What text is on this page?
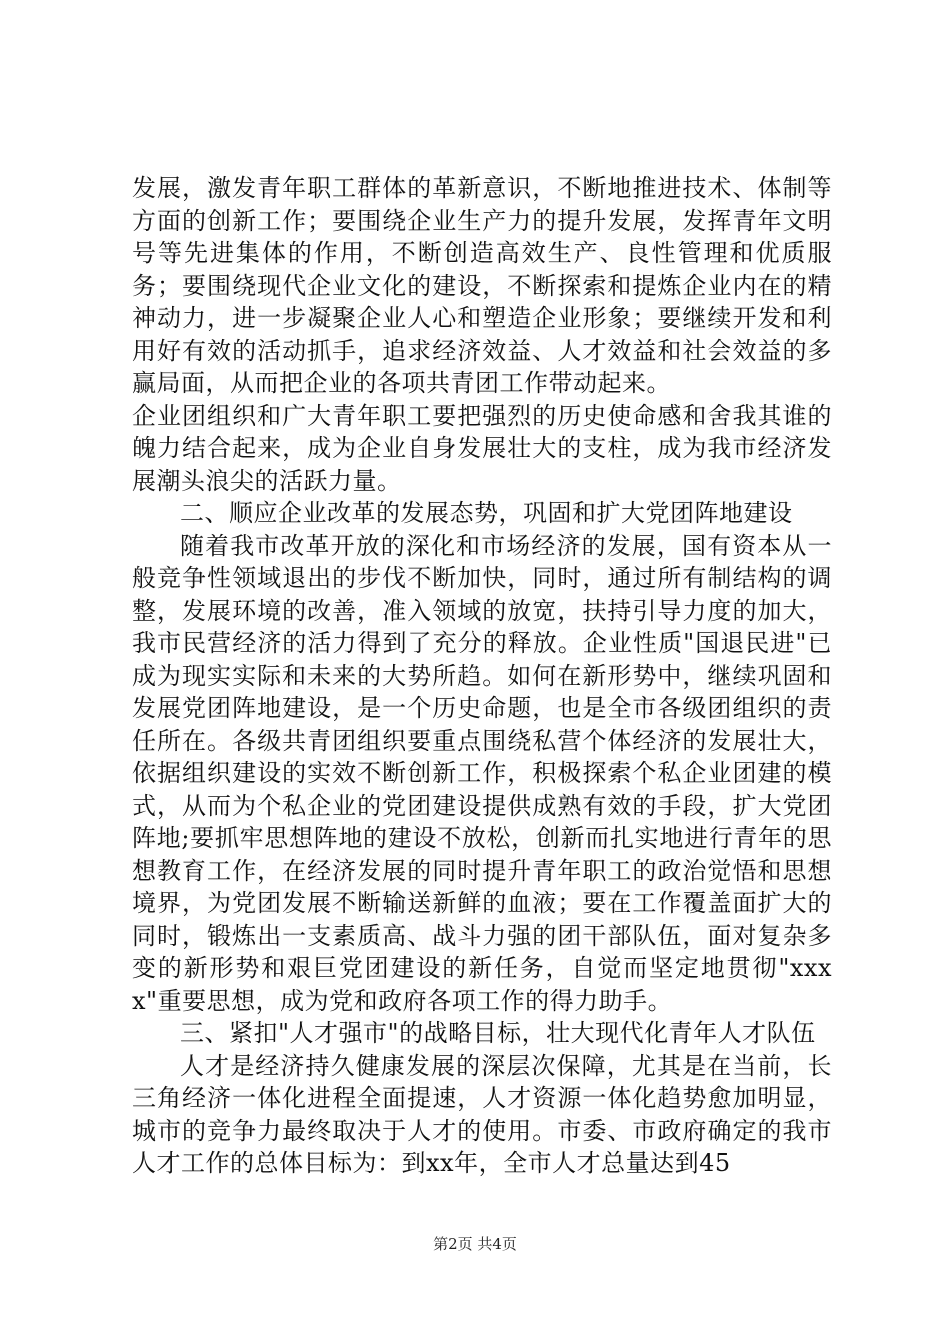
发展，激发青年职工群体的革新意识，不断地推进技术、体制等方面的创新工作；要围绕企业生产力的提升发展，发挥青年文明号等先进集体的作用，不断创造高效生产、良性管理和优质服务；要围绕现代企业文化的建设，不断探索和提炼企业内在的精神动力，进一步凝聚企业人心和塑造企业形象；要继续开发和利用好有效的活动抓手，追求经济效益、人才效益和社会效益的多赢局面，从而把企业的各项共青团工作带动起来。

企业团组织和广大青年职工要把强烈的历史使命感和舍我其谁的魄力结合起来，成为企业自身发展壮大的支柱，成为我市经济发展潮头浪尖的活跃力量。

二、顺应企业改革的发展态势，巩固和扩大党团阵地建设

随着我市改革开放的深化和市场经济的发展，国有资本从一般竞争性领域退出的步伐不断加快，同时，通过所有制结构的调整，发展环境的改善，准入领域的放宽，扶持引导力度的加大，我市民营经济的活力得到了充分的释放。企业性质"国退民进"已成为现实实际和未来的大势所趋。如何在新形势中，继续巩固和发展党团阵地建设，是一个历史命题，也是全市各级团组织的责任所在。各级共青团组织要重点围绕私营个体经济的发展壮大，依据组织建设的实效不断创新工作，积极探索个私企业团建的模式，从而为个私企业的党团建设提供成熟有效的手段，扩大党团阵地;要抓牢思想阵地的建设不放松，创新而扎实地进行青年的思想教育工作，在经济发展的同时提升青年职工的政治觉悟和思想境界，为党团发展不断输送新鲜的血液；要在工作覆盖面扩大的同时，锻炼出一支素质高、战斗力强的团干部队伍，面对复杂多变的新形势和艰巨党团建设的新任务，自觉而坚定地贯彻"xxxx"重要思想，成为党和政府各项工作的得力助手。

三、紧扣"人才强市"的战略目标，壮大现代化青年人才队伍

人才是经济持久健康发展的深层次保障，尤其是在当前，长三角经济一体化进程全面提速，人才资源一体化趋势愈加明显，城市的竞争力最终取决于人才的使用。市委、市政府确定的我市人才工作的总体目标为：到xx年，全市人才总量达到45

第2页 共4页
